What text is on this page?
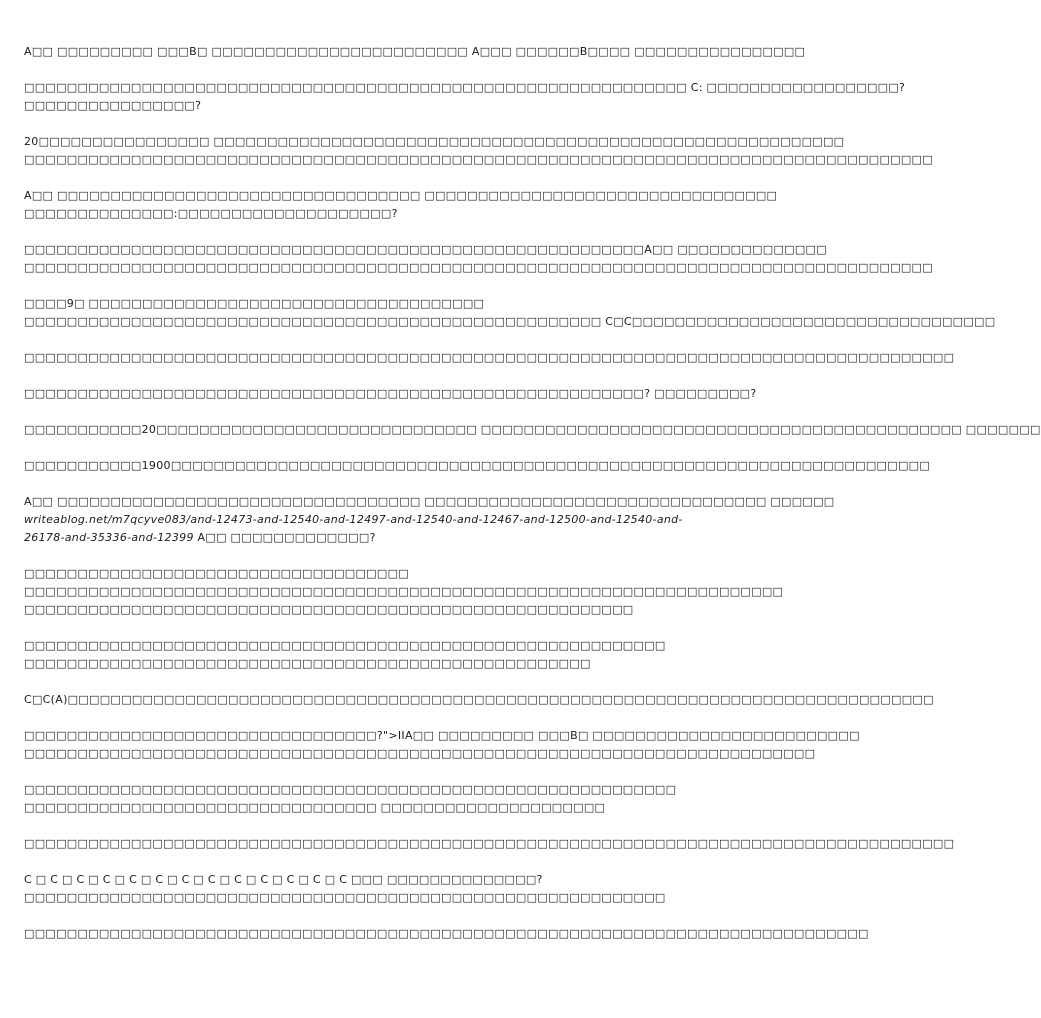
A□□ □□□□□□□□□ □□□B□ □□□□□□□□□□□□□□□□□□□□□□□□ A□□□ □□□□□□B□□□□ □□□□□□□□□□□□□□□□

□□□□□□□□□□□□□□□□□□□□□□□□□□□□□□□□□□□□□□□□□□□□□□□□□□□□□□□□□□□□□□ C: □□□□□□□□□□□□□□□□□□?
□□□□□□□□□□□□□□□□?

20□□□□□□□□□□□□□□□□ □□□□□□□□□□□□□□□□□□□□□□□□□□□□□□□□□□□□□□□□□□□□□□□□□□□□□□□□□□□
□□□□□□□□□□□□□□□□□□□□□□□□□□□□□□□□□□□□□□□□□□□□□□□□□□□□□□□□□□□□□□□□□□□□□□□□□□□□□□□□□□□□□

A□□ □□□□□□□□□□□□□□□□□□□□□□□□□□□□□□□□□□ □□□□□□□□□□□□□□□□□□□□□□□□□□□□□□□□□
□□□□□□□□□□□□□□:□□□□□□□□□□□□□□□□□□□□?

□□□□□□□□□□□□□□□□□□□□□□□□□□□□□□□□□□□□□□□□□□□□□□□□□□□□□□□□□□A□□ □□□□□□□□□□□□□□
□□□□□□□□□□□□□□□□□□□□□□□□□□□□□□□□□□□□□□□□□□□□□□□□□□□□□□□□□□□□□□□□□□□□□□□□□□□□□□□□□□□□□

□□□□9□ □□□□□□□□□□□□□□□□□□□□□□□□□□□□□□□□□□□□□
□□□□□□□□□□□□□□□□□□□□□□□□□□□□□□□□□□□□□□□□□□□□□□□□□□□□□□ C□C□□□□□□□□□□□□□□□□□□□□□□□□□□□□□□□□□□

□□□□□□□□□□□□□□□□□□□□□□□□□□□□□□□□□□□□□□□□□□□□□□□□□□□□□□□□□□□□□□□□□□□□□□□□□□□□□□□□□□□□□□□

□□□□□□□□□□□□□□□□□□□□□□□□□□□□□□□□□□□□□□□□□□□□□□□□□□□□□□□□□□? □□□□□□□□□?

□□□□□□□□□□□20□□□□□□□□□□□□□□□□□□□□□□□□□□□□□□ □□□□□□□□□□□□□□□□□□□□□□□□□□□□□□□□□□□□□□□□□□□□□ □□□□□□□

□□□□□□□□□□□1900□□□□□□□□□□□□□□□□□□□□□□□□□□□□□□□□□□□□□□□□□□□□□□□□□□□□□□□□□□□□□□□□□□□□□□□

A□□ □□□□□□□□□□□□□□□□□□□□□□□□□□□□□□□□□□ □□□□□□□□□□□□□□□□□□□□□□□□□□□□□□□□ □□□□□□
writeablog.net/m7qcyve083/and-12473-and-12540-and-12497-and-12540-and-12467-and-12500-and-12540-and-
26178-and-35336-and-12399 A□□ □□□□□□□□□□□□□?

□□□□□□□□□□□□□□□□□□□□□□□□□□□□□□□□□□□□
□□□□□□□□□□□□□□□□□□□□□□□□□□□□□□□□□□□□□□□□□□□□□□□□□□□□□□□□□□□□□□□□□□□□□□□
□□□□□□□□□□□□□□□□□□□□□□□□□□□□□□□□□□□□□□□□□□□□□□□□□□□□□□□□□

□□□□□□□□□□□□□□□□□□□□□□□□□□□□□□□□□□□□□□□□□□□□□□□□□□□□□□□□□□□□
□□□□□□□□□□□□□□□□□□□□□□□□□□□□□□□□□□□□□□□□□□□□□□□□□□□□□

C□C(A)□□□□□□□□□□□□□□□□□□□□□□□□□□□□□□□□□□□□□□□□□□□□□□□□□□□□□□□□□□□□□□□□□□□□□□□□□□□□□□□□□

□□□□□□□□□□□□□□□□□□□□□□□□□□□□□□□□□?">IIA□□ □□□□□□□□□ □□□B□ □□□□□□□□□□□□□□□□□□□□□□□□□
□□□□□□□□□□□□□□□□□□□□□□□□□□□□□□□□□□□□□□□□□□□□□□□□□□□□□□□□□□□□□□□□□□□□□□□□□□

□□□□□□□□□□□□□□□□□□□□□□□□□□□□□□□□□□□□□□□□□□□□□□□□□□□□□□□□□□□□□
□□□□□□□□□□□□□□□□□□□□□□□□□□□□□□□□□ □□□□□□□□□□□□□□□□□□□□□

□□□□□□□□□□□□□□□□□□□□□□□□□□□□□□□□□□□□□□□□□□□□□□□□□□□□□□□□□□□□□□□□□□□□□□□□□□□□□□□□□□□□□□□

C □ C □ C □ C □ C □ C □ C □ C □ C □ C □ C □ C □ C □□□ □□□□□□□□□□□□□□?
□□□□□□□□□□□□□□□□□□□□□□□□□□□□□□□□□□□□□□□□□□□□□□□□□□□□□□□□□□□□

□□□□□□□□□□□□□□□□□□□□□□□□□□□□□□□□□□□□□□□□□□□□□□□□□□□□□□□□□□□□□□□□□□□□□□□□□□□□□□□
